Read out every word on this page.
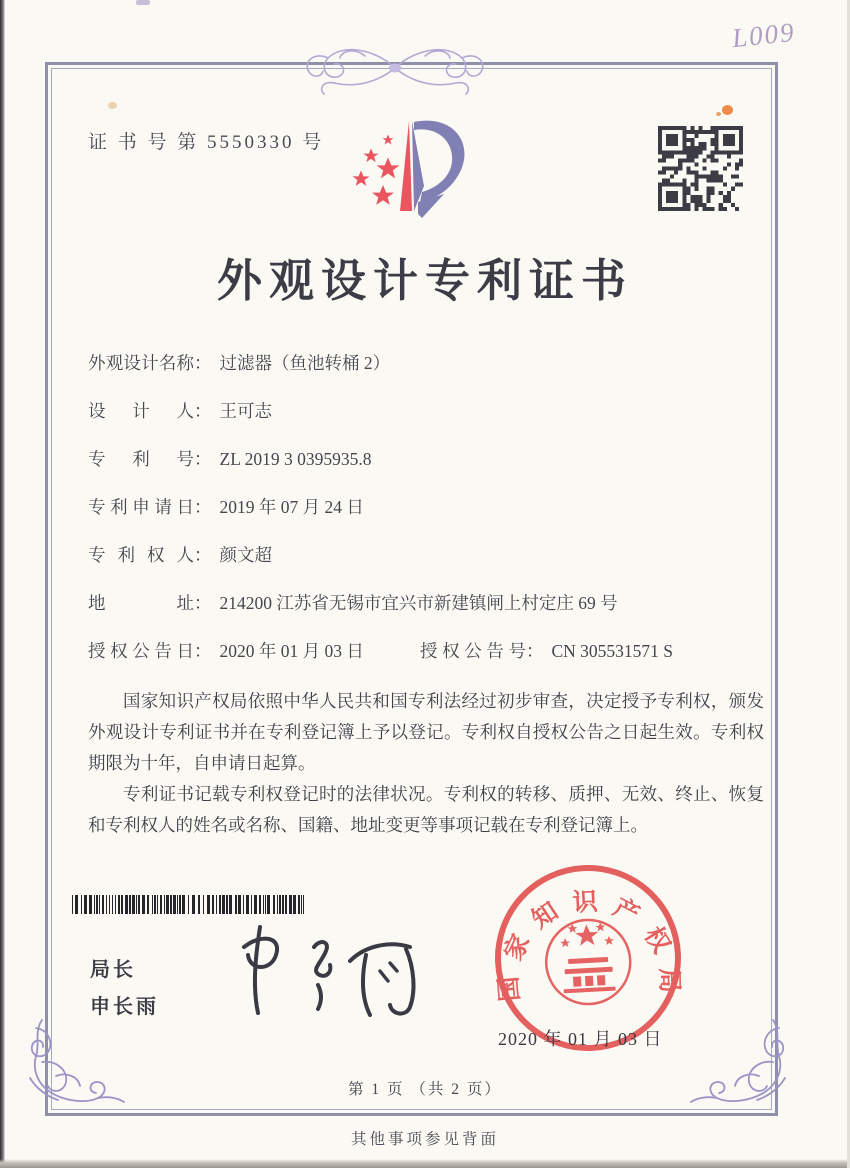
L009
证 书 号 第 5550330 号
外观设计专利证书
外观设计名称： 过滤器（鱼池转桶 2）
设计人： 王可志
专利号： ZL 2019 3 0395935.8
专利申请日： 2019 年 07 月 24 日
专利权人： 颜文超
地址： 214200 江苏省无锡市宜兴市新建镇闸上村定庄 69 号
授权公告日： 2020 年 01 月 03 日	授权公告号： CN 305531571 S

国家知识产权局依照中华人民共和国专利法经过初步审查，决定授予专利权，颁发外观设计专利证书并在专利登记簿上予以登记。专利权自授权公告之日起生效。专利权期限为十年，自申请日起算。

专利证书记载专利权登记时的法律状况。专利权的转移、质押、无效、终止、恢复和专利权人的姓名或名称、国籍、地址变更等事项记载在专利登记簿上。

局长
申长雨
国家知识产权局
2020 年 01 月 03 日
第 1 页 （共 2 页）
其他事项参见背面
